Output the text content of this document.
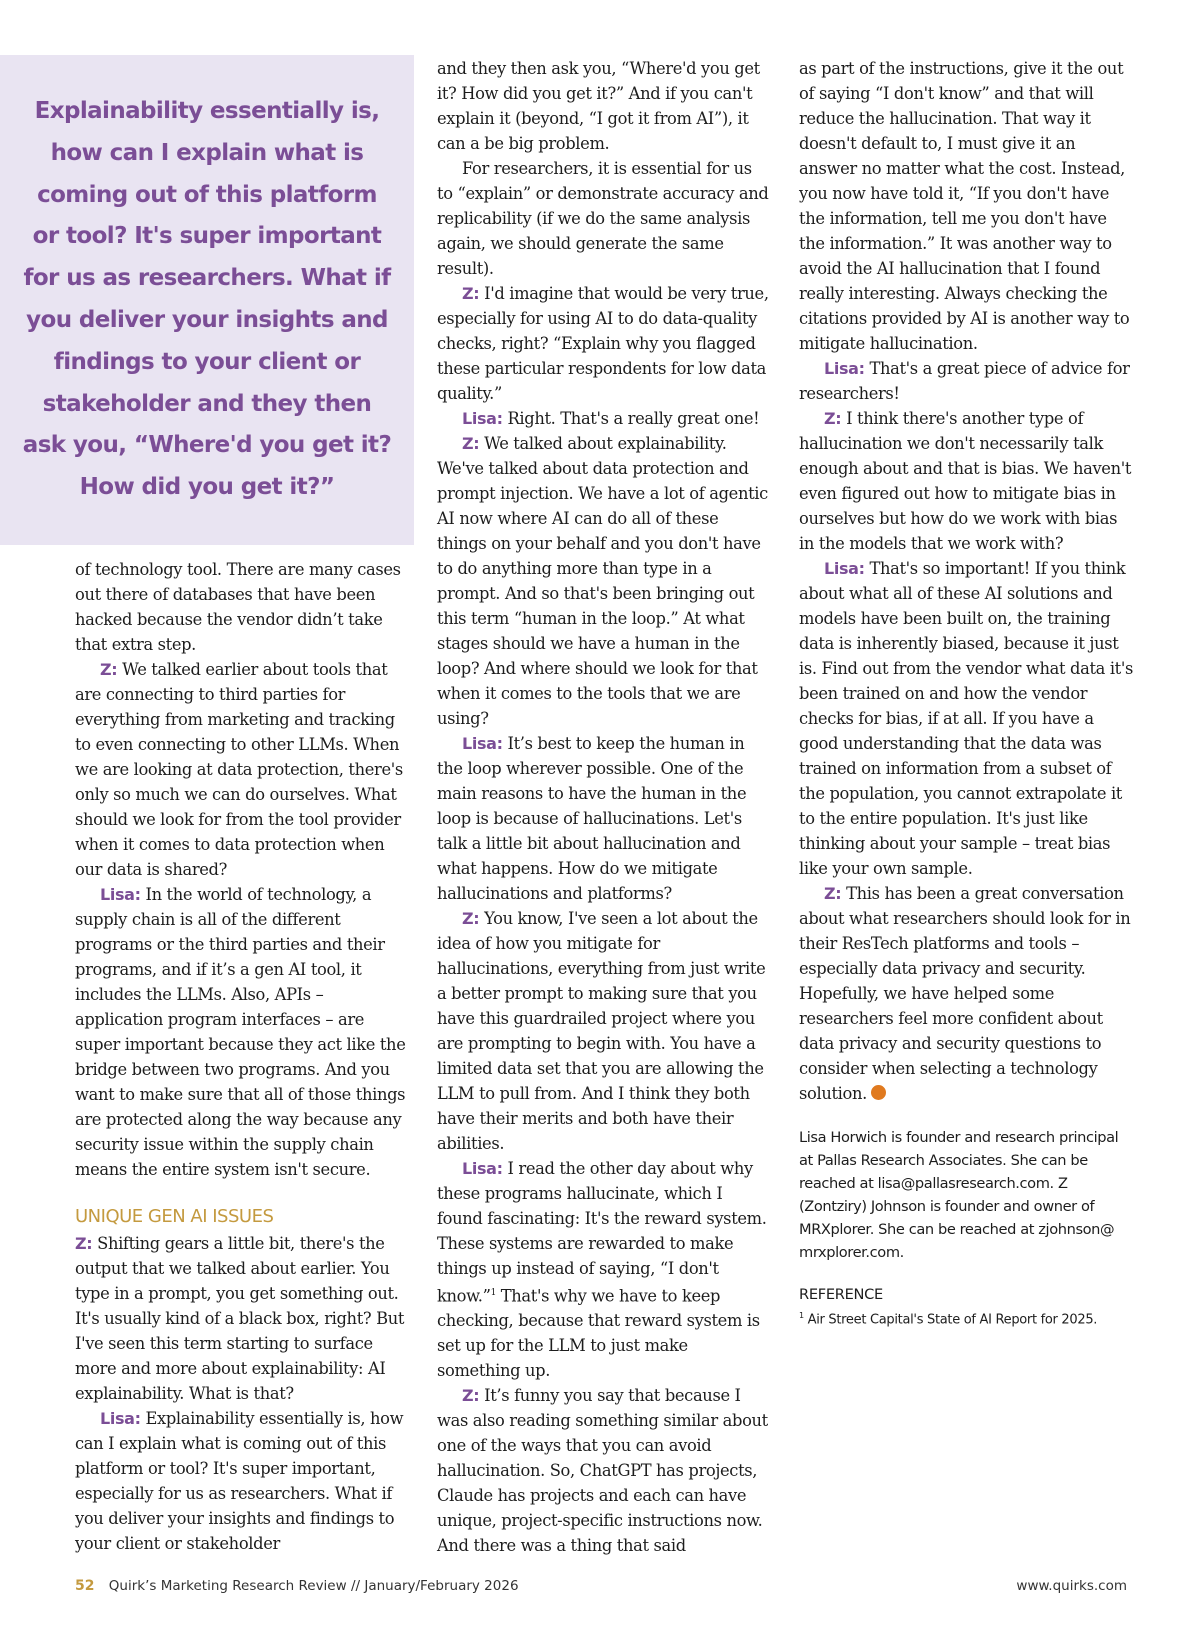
Explainability essentially is, how can I explain what is coming out of this platform or tool? It's super important for us as researchers. What if you deliver your insights and findings to your client or stakeholder and they then ask you, “Where'd you get it? How did you get it?”

of technology tool. There are many cases out there of databases that have been hacked because the vendor didn’t take that extra step.

Z: We talked earlier about tools that are connecting to third parties for everything from marketing and tracking to even connecting to other LLMs. When we are looking at data protection, there's only so much we can do ourselves. What should we look for from the tool provider when it comes to data protection when our data is shared?

Lisa: In the world of technology, a supply chain is all of the different programs or the third parties and their programs, and if it’s a gen AI tool, it includes the LLMs. Also, APIs – application program interfaces – are super important because they act like the bridge between two programs. And you want to make sure that all of those things are protected along the way because any security issue within the supply chain means the entire system isn't secure.

UNIQUE GEN AI ISSUES

Z: Shifting gears a little bit, there's the output that we talked about earlier. You type in a prompt, you get something out. It's usually kind of a black box, right? But I've seen this term starting to surface more and more about explainability: AI explainability. What is that?

Lisa: Explainability essentially is, how can I explain what is coming out of this platform or tool? It's super important, especially for us as researchers. What if you deliver your insights and findings to your client or stakeholder

and they then ask you, “Where'd you get it? How did you get it?” And if you can't explain it (beyond, “I got it from AI”), it can a be big problem.

For researchers, it is essential for us to “explain” or demonstrate accuracy and replicability (if we do the same analysis again, we should generate the same result).

Z: I'd imagine that would be very true, especially for using AI to do data-quality checks, right? “Explain why you flagged these particular respondents for low data quality.”

Lisa: Right. That's a really great one!

Z: We talked about explainability. We've talked about data protection and prompt injection. We have a lot of agentic AI now where AI can do all of these things on your behalf and you don't have to do anything more than type in a prompt. And so that's been bringing out this term “human in the loop.” At what stages should we have a human in the loop? And where should we look for that when it comes to the tools that we are using?

Lisa: It’s best to keep the human in the loop wherever possible. One of the main reasons to have the human in the loop is because of hallucinations. Let's talk a little bit about hallucination and what happens. How do we mitigate hallucinations and platforms?

Z: You know, I've seen a lot about the idea of how you mitigate for hallucinations, everything from just write a better prompt to making sure that you have this guardrailed project where you are prompting to begin with. You have a limited data set that you are allowing the LLM to pull from. And I think they both have their merits and both have their abilities.

Lisa: I read the other day about why these programs hallucinate, which I found fascinating: It's the reward system. These systems are rewarded to make things up instead of saying, “I don't know.”$^1$ That's why we have to keep checking, because that reward system is set up for the LLM to just make something up.

Z: It’s funny you say that because I was also reading something similar about one of the ways that you can avoid hallucination. So, ChatGPT has projects, Claude has projects and each can have unique, project-specific instructions now. And there was a thing that said

as part of the instructions, give it the out of saying “I don't know” and that will reduce the hallucination. That way it doesn't default to, I must give it an answer no matter what the cost. Instead, you now have told it, “If you don't have the information, tell me you don't have the information.” It was another way to avoid the AI hallucination that I found really interesting. Always checking the citations provided by AI is another way to mitigate hallucination.

Lisa: That's a great piece of advice for researchers!

Z: I think there's another type of hallucination we don't necessarily talk enough about and that is bias. We haven't even figured out how to mitigate bias in ourselves but how do we work with bias in the models that we work with?

Lisa: That's so important! If you think about what all of these AI solutions and models have been built on, the training data is inherently biased, because it just is. Find out from the vendor what data it's been trained on and how the vendor checks for bias, if at all. If you have a good understanding that the data was trained on information from a subset of the population, you cannot extrapolate it to the entire population. It's just like thinking about your sample – treat bias like your own sample.

Z: This has been a great conversation about what researchers should look for in their ResTech platforms and tools – especially data privacy and security. Hopefully, we have helped some researchers feel more confident about data privacy and security questions to consider when selecting a technology solution.

Lisa Horwich is founder and research principal at Pallas Research Associates. She can be reached at lisa@pallasresearch.com. Z (Zontziry) Johnson is founder and owner of MRXplorer. She can be reached at zjohnson@ mrxplorer.com.

REFERENCE

$^1$ Air Street Capital's State of AI Report for 2025.

52 Quirk’s Marketing Research Review // January/February 2026	www.quirks.com
